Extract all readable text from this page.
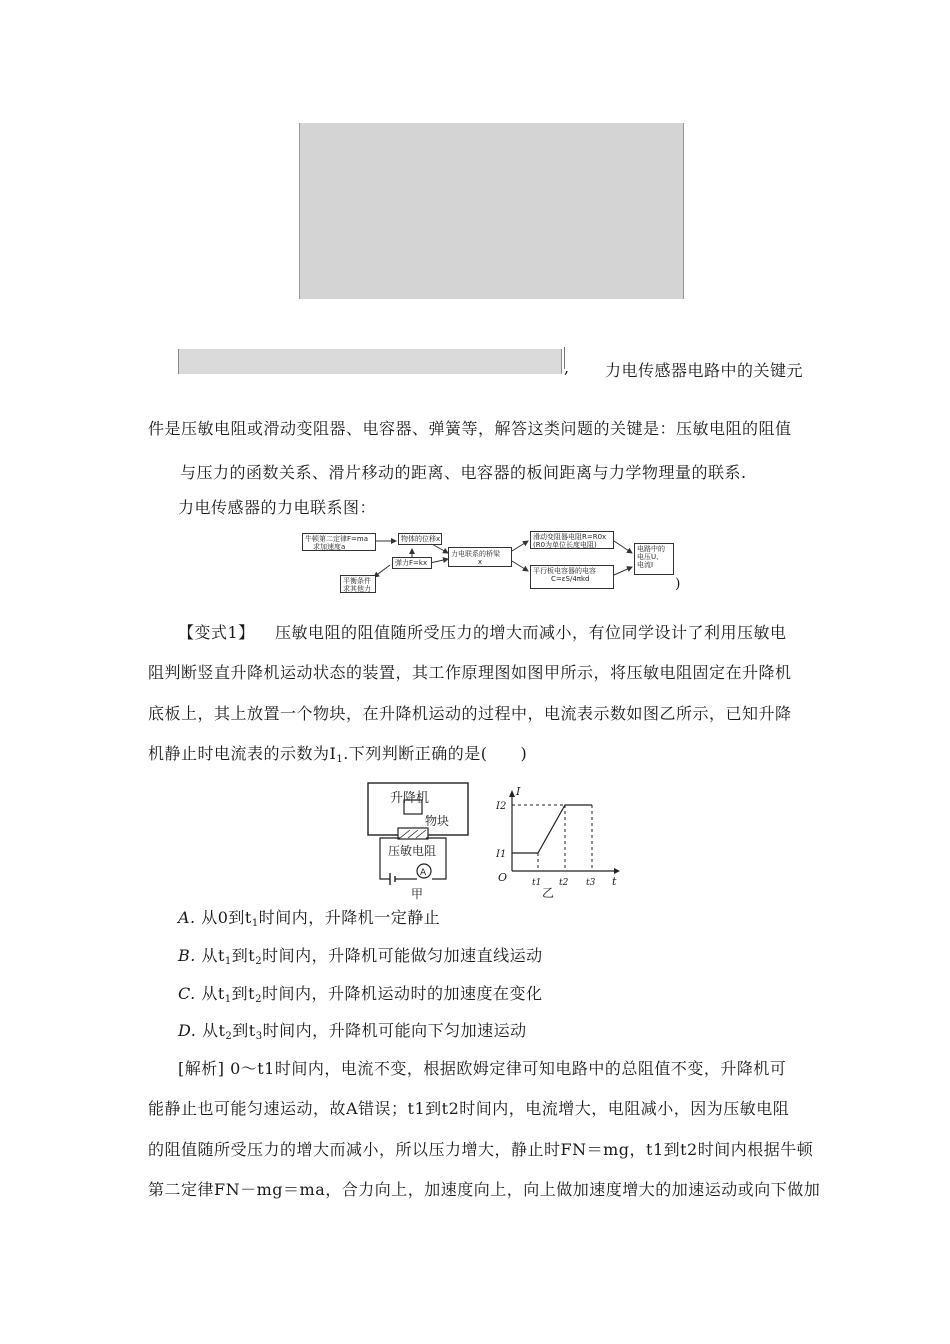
, 力电传感器电路中的关键元
件是压敏电阻或滑动变阻器、电容器、弹簧等，解答这类问题的关键是：压敏电阻的阻值
与压力的函数关系、滑片移动的距离、电容器的板间距离与力学物理量的联系.
力电传感器的力电联系图：
牛顿第二定律F=ma
求加速度a
物体的位移x
弹力F=kx
平衡条件
求其他力
力电联系的桥梁
x
滑动变阻器电阻R=R0x
(R0为单位长度电阻)
平行板电容器的电容
C=εS/4πkd
电路中的
电压U、
电流I
)
【变式1】 压敏电阻的阻值随所受压力的增大而减小，有位同学设计了利用压敏电
阻判断竖直升降机运动状态的装置，其工作原理图如图甲所示，将压敏电阻固定在升降机
底板上，其上放置一个物块，在升降机运动的过程中，电流表示数如图乙所示，已知升降
机静止时电流表的示数为$I_1$.下列判断正确的是(　　)
升降机
物块
压敏电阻
A
甲
I
t
O
I1
I2
t1 t2 t3
乙
A. 从0到$t_1$时间内，升降机一定静止
B. 从$t_1$到$t_2$时间内，升降机可能做匀加速直线运动
C. 从$t_1$到$t_2$时间内，升降机运动时的加速度在变化
D. 从$t_2$到$t_3$时间内，升降机可能向下匀加速运动
[解析] 0～t1时间内，电流不变，根据欧姆定律可知电路中的总阻值不变，升降机可
能静止也可能匀速运动，故A错误；t1到t2时间内，电流增大，电阻减小，因为压敏电阻
的阻值随所受压力的增大而减小，所以压力增大，静止时FN＝mg，t1到t2时间内根据牛顿
第二定律FN－mg＝ma，合力向上，加速度向上，向上做加速度增大的加速运动或向下做加
